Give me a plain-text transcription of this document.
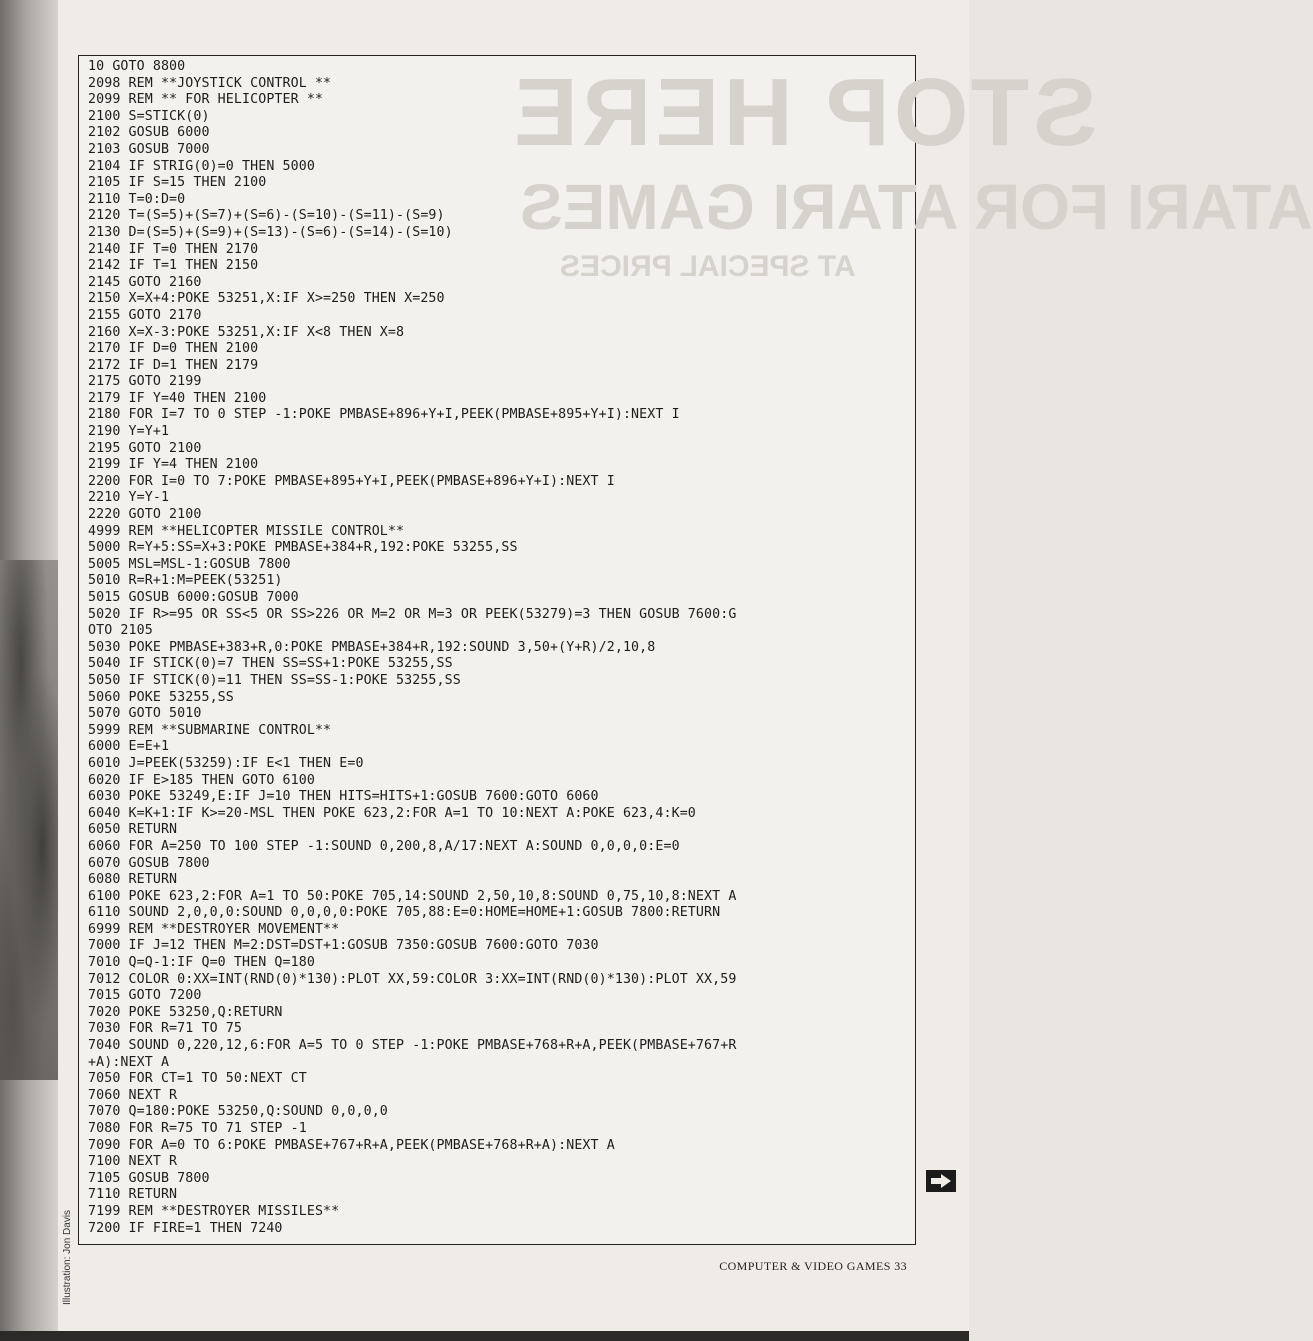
STOP HERE
ATARI FOR ATARI GAMES
AT SPECIAL PRICES
10 GOTO 8800
2098 REM **JOYSTICK CONTROL **
2099 REM ** FOR HELICOPTER **
2100 S=STICK(0)
2102 GOSUB 6000
2103 GOSUB 7000
2104 IF STRIG(0)=0 THEN 5000
2105 IF S=15 THEN 2100
2110 T=0:D=0
2120 T=(S=5)+(S=7)+(S=6)-(S=10)-(S=11)-(S=9)
2130 D=(S=5)+(S=9)+(S=13)-(S=6)-(S=14)-(S=10)
2140 IF T=0 THEN 2170
2142 IF T=1 THEN 2150
2145 GOTO 2160
2150 X=X+4:POKE 53251,X:IF X>=250 THEN X=250
2155 GOTO 2170
2160 X=X-3:POKE 53251,X:IF X<8 THEN X=8
2170 IF D=0 THEN 2100
2172 IF D=1 THEN 2179
2175 GOTO 2199
2179 IF Y=40 THEN 2100
2180 FOR I=7 TO 0 STEP -1:POKE PMBASE+896+Y+I,PEEK(PMBASE+895+Y+I):NEXT I
2190 Y=Y+1
2195 GOTO 2100
2199 IF Y=4 THEN 2100
2200 FOR I=0 TO 7:POKE PMBASE+895+Y+I,PEEK(PMBASE+896+Y+I):NEXT I
2210 Y=Y-1
2220 GOTO 2100
4999 REM **HELICOPTER MISSILE CONTROL**
5000 R=Y+5:SS=X+3:POKE PMBASE+384+R,192:POKE 53255,SS
5005 MSL=MSL-1:GOSUB 7800
5010 R=R+1:M=PEEK(53251)
5015 GOSUB 6000:GOSUB 7000
5020 IF R>=95 OR SS<5 OR SS>226 OR M=2 OR M=3 OR PEEK(53279)=3 THEN GOSUB 7600:G
OTO 2105
5030 POKE PMBASE+383+R,0:POKE PMBASE+384+R,192:SOUND 3,50+(Y+R)/2,10,8
5040 IF STICK(0)=7 THEN SS=SS+1:POKE 53255,SS
5050 IF STICK(0)=11 THEN SS=SS-1:POKE 53255,SS
5060 POKE 53255,SS
5070 GOTO 5010
5999 REM **SUBMARINE CONTROL**
6000 E=E+1
6010 J=PEEK(53259):IF E<1 THEN E=0
6020 IF E>185 THEN GOTO 6100
6030 POKE 53249,E:IF J=10 THEN HITS=HITS+1:GOSUB 7600:GOTO 6060
6040 K=K+1:IF K>=20-MSL THEN POKE 623,2:FOR A=1 TO 10:NEXT A:POKE 623,4:K=0
6050 RETURN
6060 FOR A=250 TO 100 STEP -1:SOUND 0,200,8,A/17:NEXT A:SOUND 0,0,0,0:E=0
6070 GOSUB 7800
6080 RETURN
6100 POKE 623,2:FOR A=1 TO 50:POKE 705,14:SOUND 2,50,10,8:SOUND 0,75,10,8:NEXT A
6110 SOUND 2,0,0,0:SOUND 0,0,0,0:POKE 705,88:E=0:HOME=HOME+1:GOSUB 7800:RETURN
6999 REM **DESTROYER MOVEMENT**
7000 IF J=12 THEN M=2:DST=DST+1:GOSUB 7350:GOSUB 7600:GOTO 7030
7010 Q=Q-1:IF Q=0 THEN Q=180
7012 COLOR 0:XX=INT(RND(0)*130):PLOT XX,59:COLOR 3:XX=INT(RND(0)*130):PLOT XX,59
7015 GOTO 7200
7020 POKE 53250,Q:RETURN
7030 FOR R=71 TO 75
7040 SOUND 0,220,12,6:FOR A=5 TO 0 STEP -1:POKE PMBASE+768+R+A,PEEK(PMBASE+767+R
+A):NEXT A
7050 FOR CT=1 TO 50:NEXT CT
7060 NEXT R
7070 Q=180:POKE 53250,Q:SOUND 0,0,0,0
7080 FOR R=75 TO 71 STEP -1
7090 FOR A=0 TO 6:POKE PMBASE+767+R+A,PEEK(PMBASE+768+R+A):NEXT A
7100 NEXT R
7105 GOSUB 7800
7110 RETURN
7199 REM **DESTROYER MISSILES**
7200 IF FIRE=1 THEN 7240
Illustration: Jon Davis	COMPUTER & VIDEO GAMES 33
